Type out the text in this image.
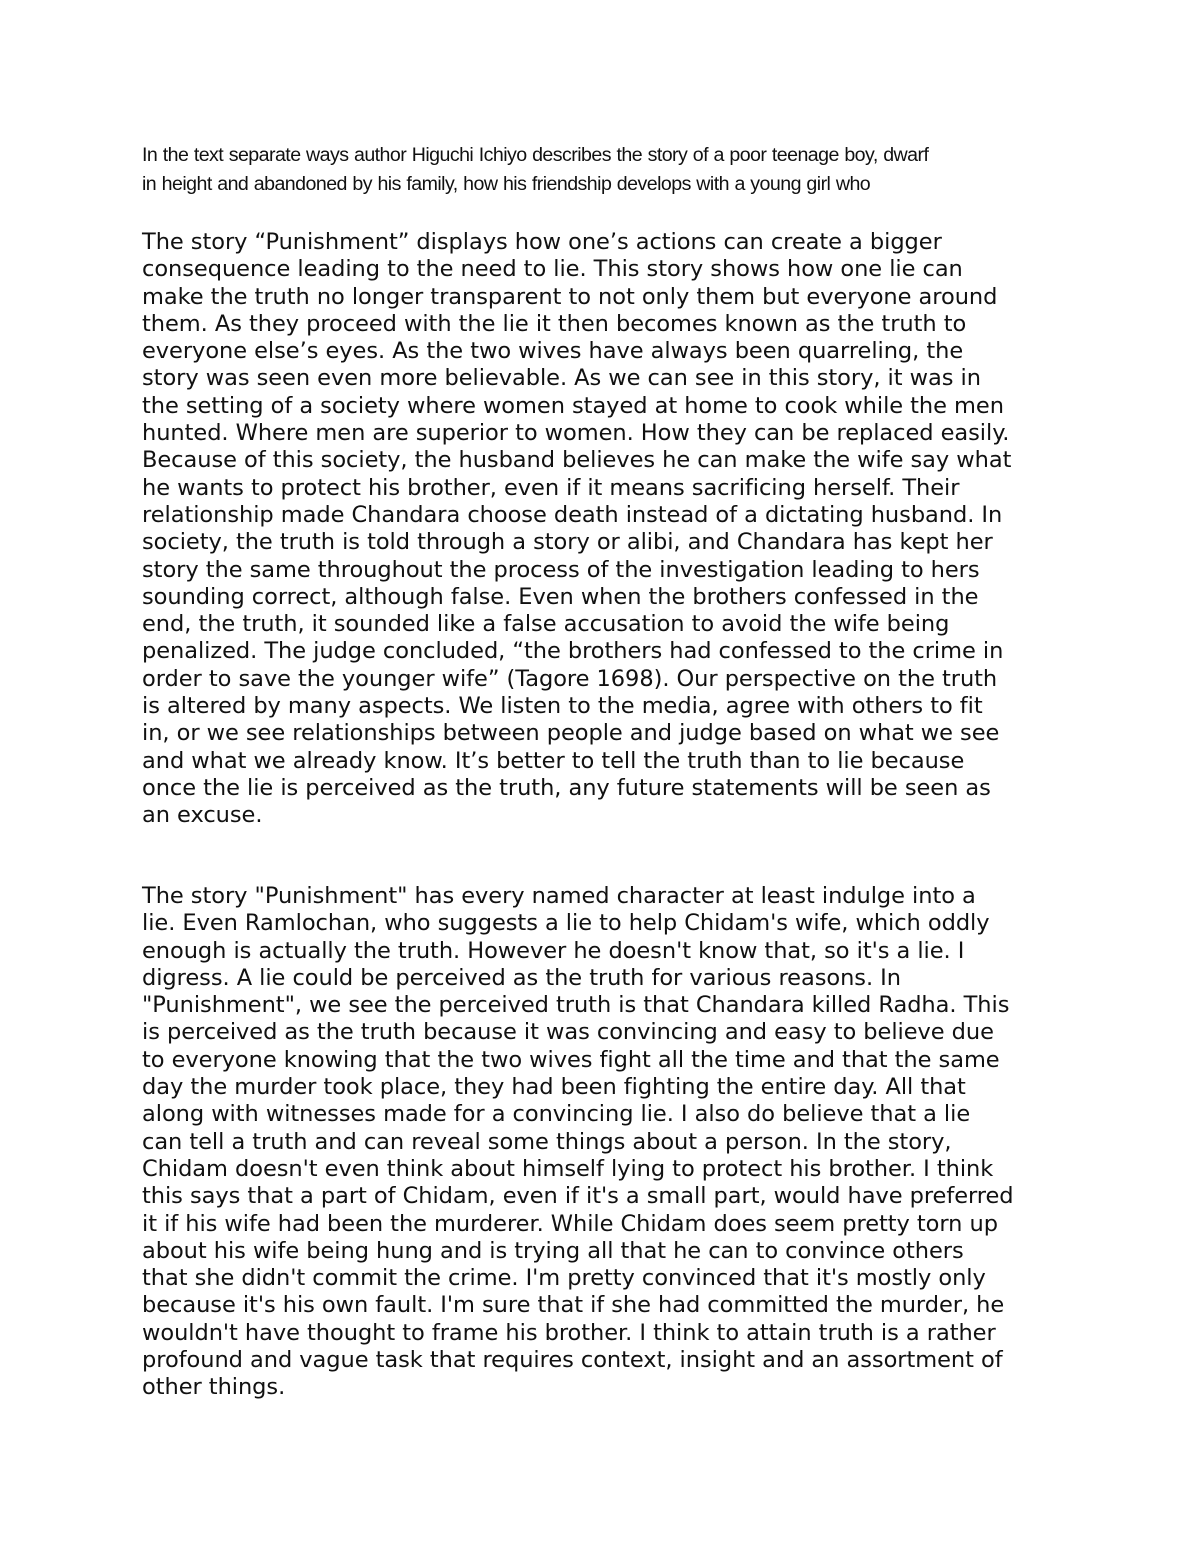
In the text separate ways author Higuchi Ichiyo describes the story of a poor teenage boy, dwarf
in height and abandoned by his family, how his friendship develops with a young girl who

The story “Punishment” displays how one’s actions can create a bigger
consequence leading to the need to lie. This story shows how one lie can
make the truth no longer transparent to not only them but everyone around
them. As they proceed with the lie it then becomes known as the truth to
everyone else’s eyes. As the two wives have always been quarreling, the
story was seen even more believable. As we can see in this story, it was in
the setting of a society where women stayed at home to cook while the men
hunted. Where men are superior to women. How they can be replaced easily.
Because of this society, the husband believes he can make the wife say what
he wants to protect his brother, even if it means sacrificing herself. Their
relationship made Chandara choose death instead of a dictating husband. In
society, the truth is told through a story or alibi, and Chandara has kept her
story the same throughout the process of the investigation leading to hers
sounding correct, although false. Even when the brothers confessed in the
end, the truth, it sounded like a false accusation to avoid the wife being
penalized. The judge concluded, “the brothers had confessed to the crime in
order to save the younger wife” (Tagore 1698). Our perspective on the truth
is altered by many aspects. We listen to the media, agree with others to fit
in, or we see relationships between people and judge based on what we see
and what we already know. It’s better to tell the truth than to lie because
once the lie is perceived as the truth, any future statements will be seen as
an excuse.

The story "Punishment" has every named character at least indulge into a
lie. Even Ramlochan, who suggests a lie to help Chidam's wife, which oddly
enough is actually the truth. However he doesn't know that, so it's a lie. I
digress. A lie could be perceived as the truth for various reasons. In
"Punishment", we see the perceived truth is that Chandara killed Radha. This
is perceived as the truth because it was convincing and easy to believe due
to everyone knowing that the two wives fight all the time and that the same
day the murder took place, they had been fighting the entire day. All that
along with witnesses made for a convincing lie. I also do believe that a lie
can tell a truth and can reveal some things about a person. In the story,
Chidam doesn't even think about himself lying to protect his brother. I think
this says that a part of Chidam, even if it's a small part, would have preferred
it if his wife had been the murderer. While Chidam does seem pretty torn up
about his wife being hung and is trying all that he can to convince others
that she didn't commit the crime. I'm pretty convinced that it's mostly only
because it's his own fault. I'm sure that if she had committed the murder, he
wouldn't have thought to frame his brother. I think to attain truth is a rather
profound and vague task that requires context, insight and an assortment of
other things.
